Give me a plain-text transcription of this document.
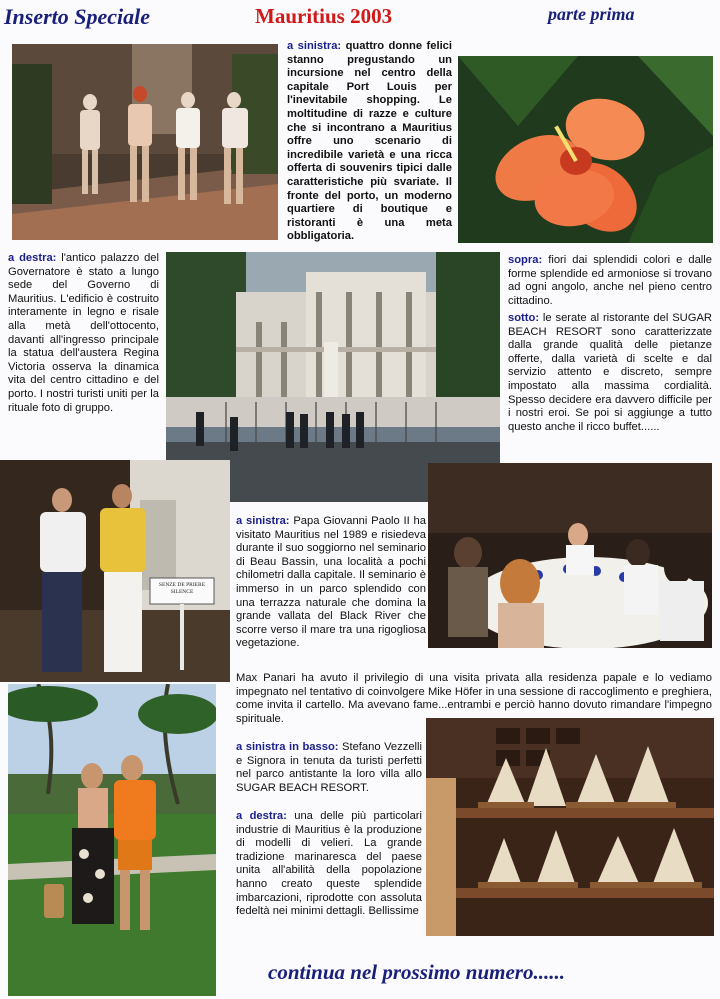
Inserto Speciale	Mauritius 2003	parte prima

a sinistra: quattro donne felici stanno pregustando un incursione nel centro della capitale Port Louis per l'inevitabile shopping. Le moltitudine di razze e culture che si incontrano a Mauritius offre uno scenario di incredibile varietà e una ricca offerta di souvenirs tipici dalle caratteristiche più svariate. Il fronte del porto, un moderno quartiere di boutique e ristoranti è una meta obbligatoria.

a destra: l'antico palazzo del Governatore è stato a lungo sede del Governo di Mauritius. L'edificio è costruito interamente in legno e risale alla metà dell'ottocento, davanti all'ingresso principale la statua dell'austera Regina Victoria osserva la dinamica vita del centro cittadino e del porto. I nostri turisti uniti per la rituale foto di gruppo.

sopra: fiori dai splendidi colori e dalle forme splendide ed armoniose si trovano ad ogni angolo, anche nel pieno centro cittadino.

sotto: le serate al ristorante del SUGAR BEACH RESORT sono caratterizzate dalla grande qualità delle pietanze offerte, dalla varietà di scelte e dal servizio attento e discreto, sempre impostato alla massima cordialità. Spesso decidere era davvero difficile per i nostri eroi. Se poi si aggiunge a tutto questo anche il ricco buffet......

SENZE DE PRIERE
SILENCE

a sinistra: Papa Giovanni Paolo II ha visitato Mauritius nel 1989 e risiedeva durante il suo soggiorno nel seminario di Beau Bassin, una località a pochi chilometri dalla capitale. Il seminario è immerso in un parco splendido con una terrazza naturale che domina la grande vallata del Black River che scorre verso il mare tra una rigogliosa vegetazione.

Max Panari ha avuto il privilegio di una visita privata alla residenza papale e lo vediamo impegnato nel tentativo di coinvolgere Mike Höfer in una sessione di raccoglimento e preghiera, come invita il cartello. Ma avevano fame...entrambi e perciò hanno dovuto rimandare l'impegno spirituale.

a sinistra in basso: Stefano Vezzelli e Signora in tenuta da turisti perfetti nel parco antistante la loro villa allo SUGAR BEACH RESORT.

a destra: una delle più particolari industrie di Mauritius è la produzione di modelli di velieri. La grande tradizione marinaresca del paese unita all'abilità della popolazione hanno creato queste splendide imbarcazioni, riprodotte con assoluta fedeltà nei minimi dettagli. Bellissime

continua nel prossimo numero......
